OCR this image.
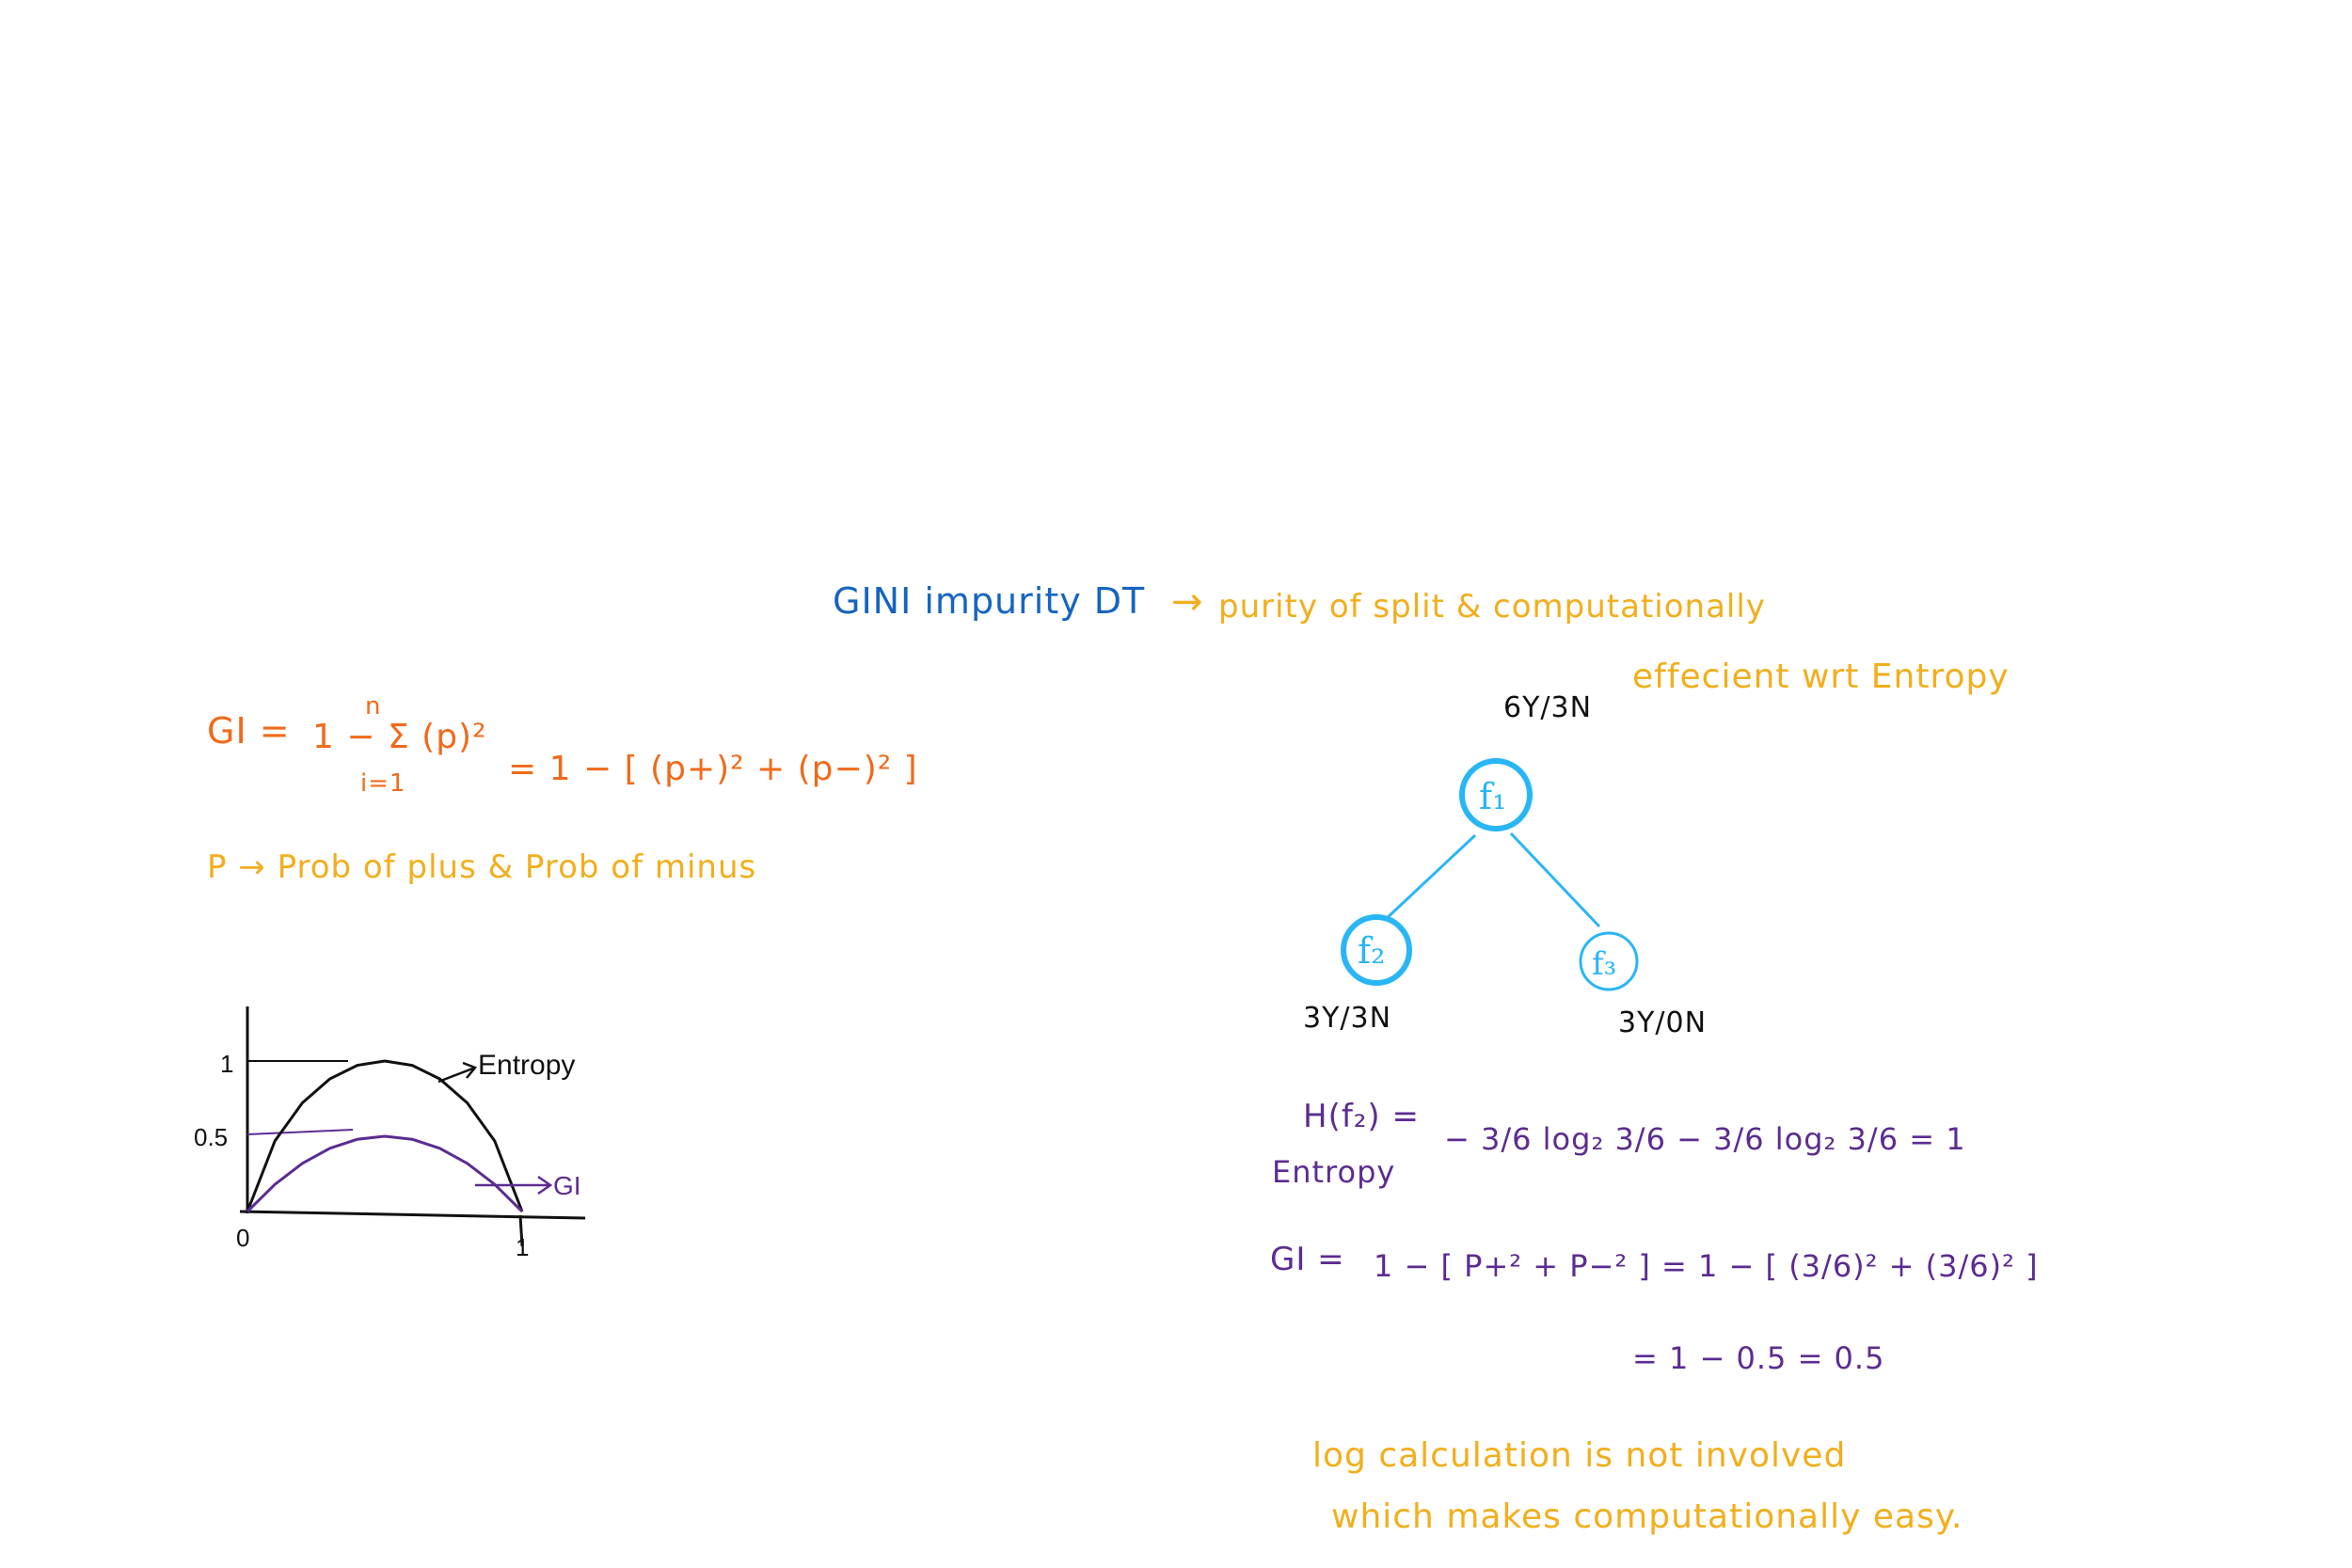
GINI impurity DT → purity of split & computationally
effecient wrt Entropy
GI =
n
1 − Σ (p)²
i=1	= 1 − [ (p+)² + (p−)² ]
P → Prob of plus & Prob of minus
1
0.5
0	1
Entropy
GI
f₁
f₂	f₃
6Y/3N
3Y/3N	3Y/0N
H(f₂) =
Entropy
− 3/6 log₂ 3/6 − 3/6 log₂ 3/6 = 1
GI = 1 − [ P+² + P−² ] = 1 − [ (3/6)² + (3/6)² ]
= 1 − 0.5 = 0.5
log calculation is not involved
which makes computationally easy.
